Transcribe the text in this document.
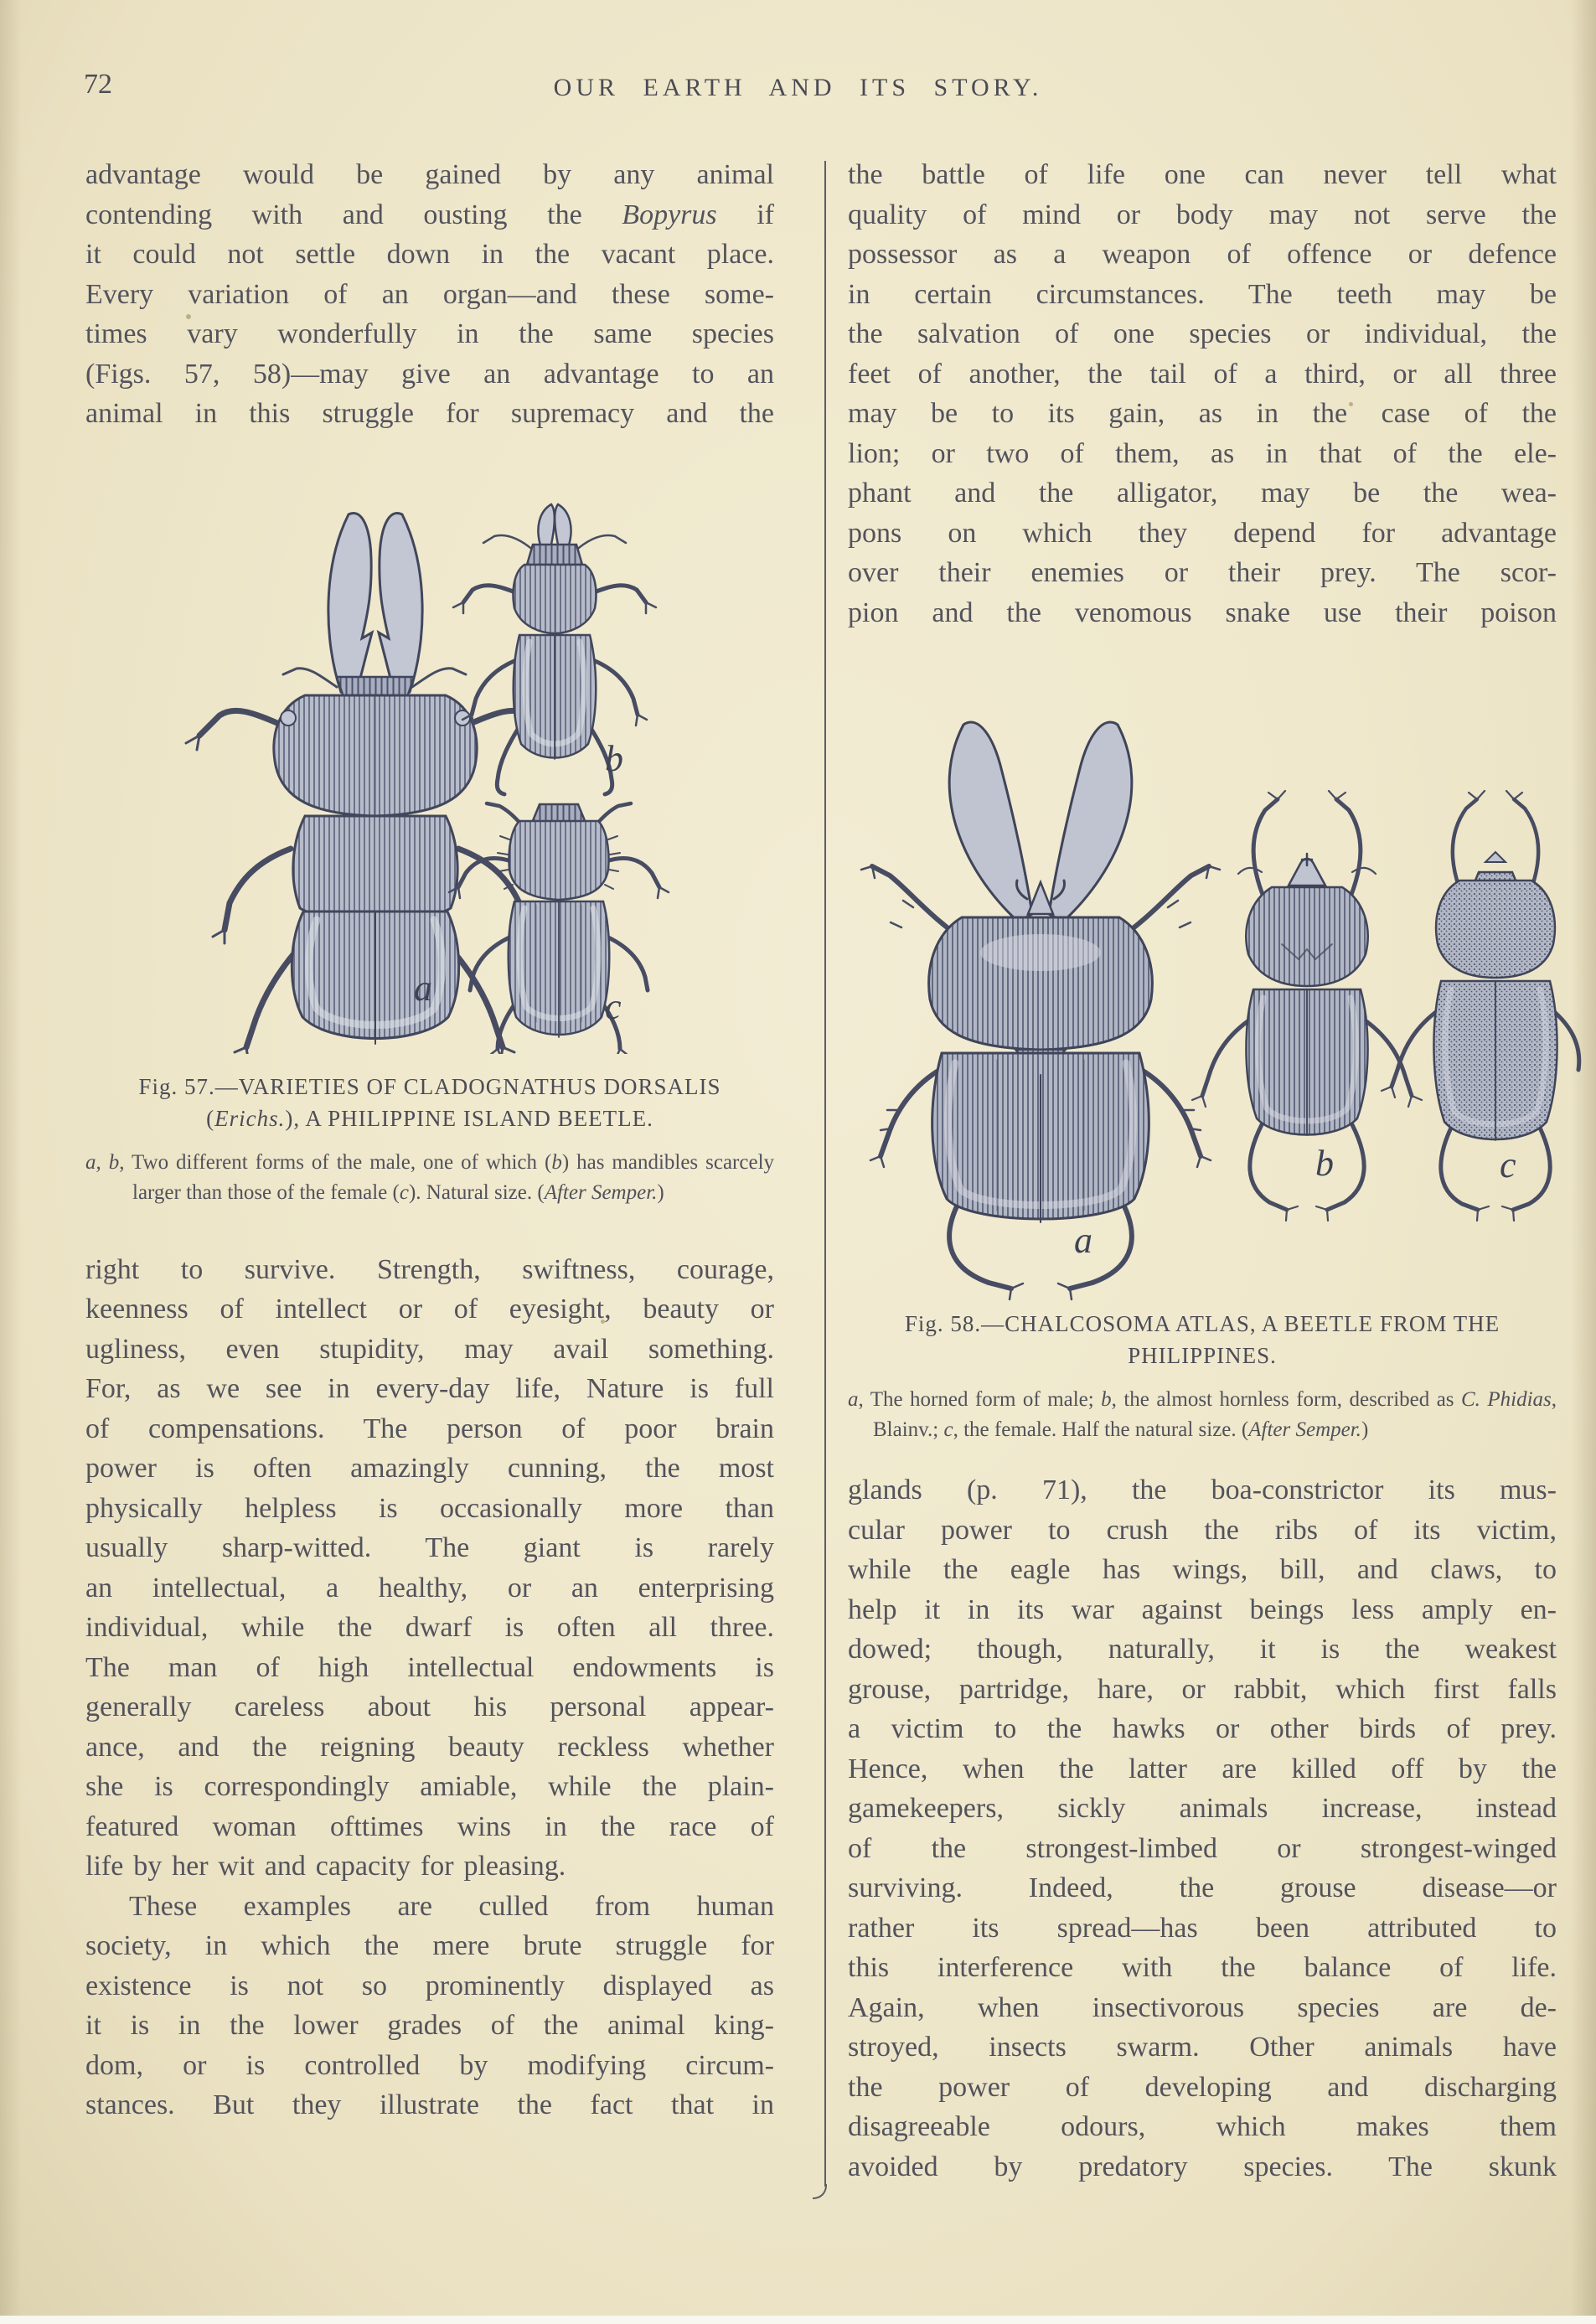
72	OUR EARTH AND ITS STORY.
advantage would be gained by any animal
contending with and ousting the Bopyrus if
it could not settle down in the vacant place.
Every variation of an organ—and these some-
times vary wonderfully in the same species
(Figs. 57, 58)—may give an advantage to an
animal in this struggle for supremacy and the
a
b
c
Fig. 57.—VARIETIES OF CLADOGNATHUS DORSALIS
(Erichs.), A PHILIPPINE ISLAND BEETLE.
a, b, Two different forms of the male, one of which (b) has mandibles scarcely larger than those of the female (c). Natural size. (After Semper.)
right to survive. Strength, swiftness, courage,
keenness of intellect or of eyesight, beauty or
ugliness, even stupidity, may avail something.
For, as we see in every-day life, Nature is full
of compensations. The person of poor brain
power is often amazingly cunning, the most
physically helpless is occasionally more than
usually sharp-witted. The giant is rarely
an intellectual, a healthy, or an enterprising
individual, while the dwarf is often all three.
The man of high intellectual endowments is
generally careless about his personal appear-
ance, and the reigning beauty reckless whether
she is correspondingly amiable, while the plain-
featured woman ofttimes wins in the race of
life by her wit and capacity for pleasing.
These examples are culled from human
society, in which the mere brute struggle for
existence is not so prominently displayed as
it is in the lower grades of the animal king-
dom, or is controlled by modifying circum-
stances. But they illustrate the fact that in
the battle of life one can never tell what
quality of mind or body may not serve the
possessor as a weapon of offence or defence
in certain circumstances. The teeth may be
the salvation of one species or individual, the
feet of another, the tail of a third, or all three
may be to its gain, as in the case of the
lion; or two of them, as in that of the ele-
phant and the alligator, may be the wea-
pons on which they depend for advantage
over their enemies or their prey. The scor-
pion and the venomous snake use their poison
a
b	c
Fig. 58.—CHALCOSOMA ATLAS, A BEETLE FROM THE
PHILIPPINES.
a, The horned form of male; b, the almost hornless form, described as C. Phidias, Blainv.; c, the female. Half the natural size. (After Semper.)
glands (p. 71), the boa-constrictor its mus-
cular power to crush the ribs of its victim,
while the eagle has wings, bill, and claws, to
help it in its war against beings less amply en-
dowed; though, naturally, it is the weakest
grouse, partridge, hare, or rabbit, which first falls
a victim to the hawks or other birds of prey.
Hence, when the latter are killed off by the
gamekeepers, sickly animals increase, instead
of the strongest-limbed or strongest-winged
surviving. Indeed, the grouse disease—or
rather its spread—has been attributed to
this interference with the balance of life.
Again, when insectivorous species are de-
stroyed, insects swarm. Other animals have
the power of developing and discharging
disagreeable odours, which makes them
avoided by predatory species. The skunk
